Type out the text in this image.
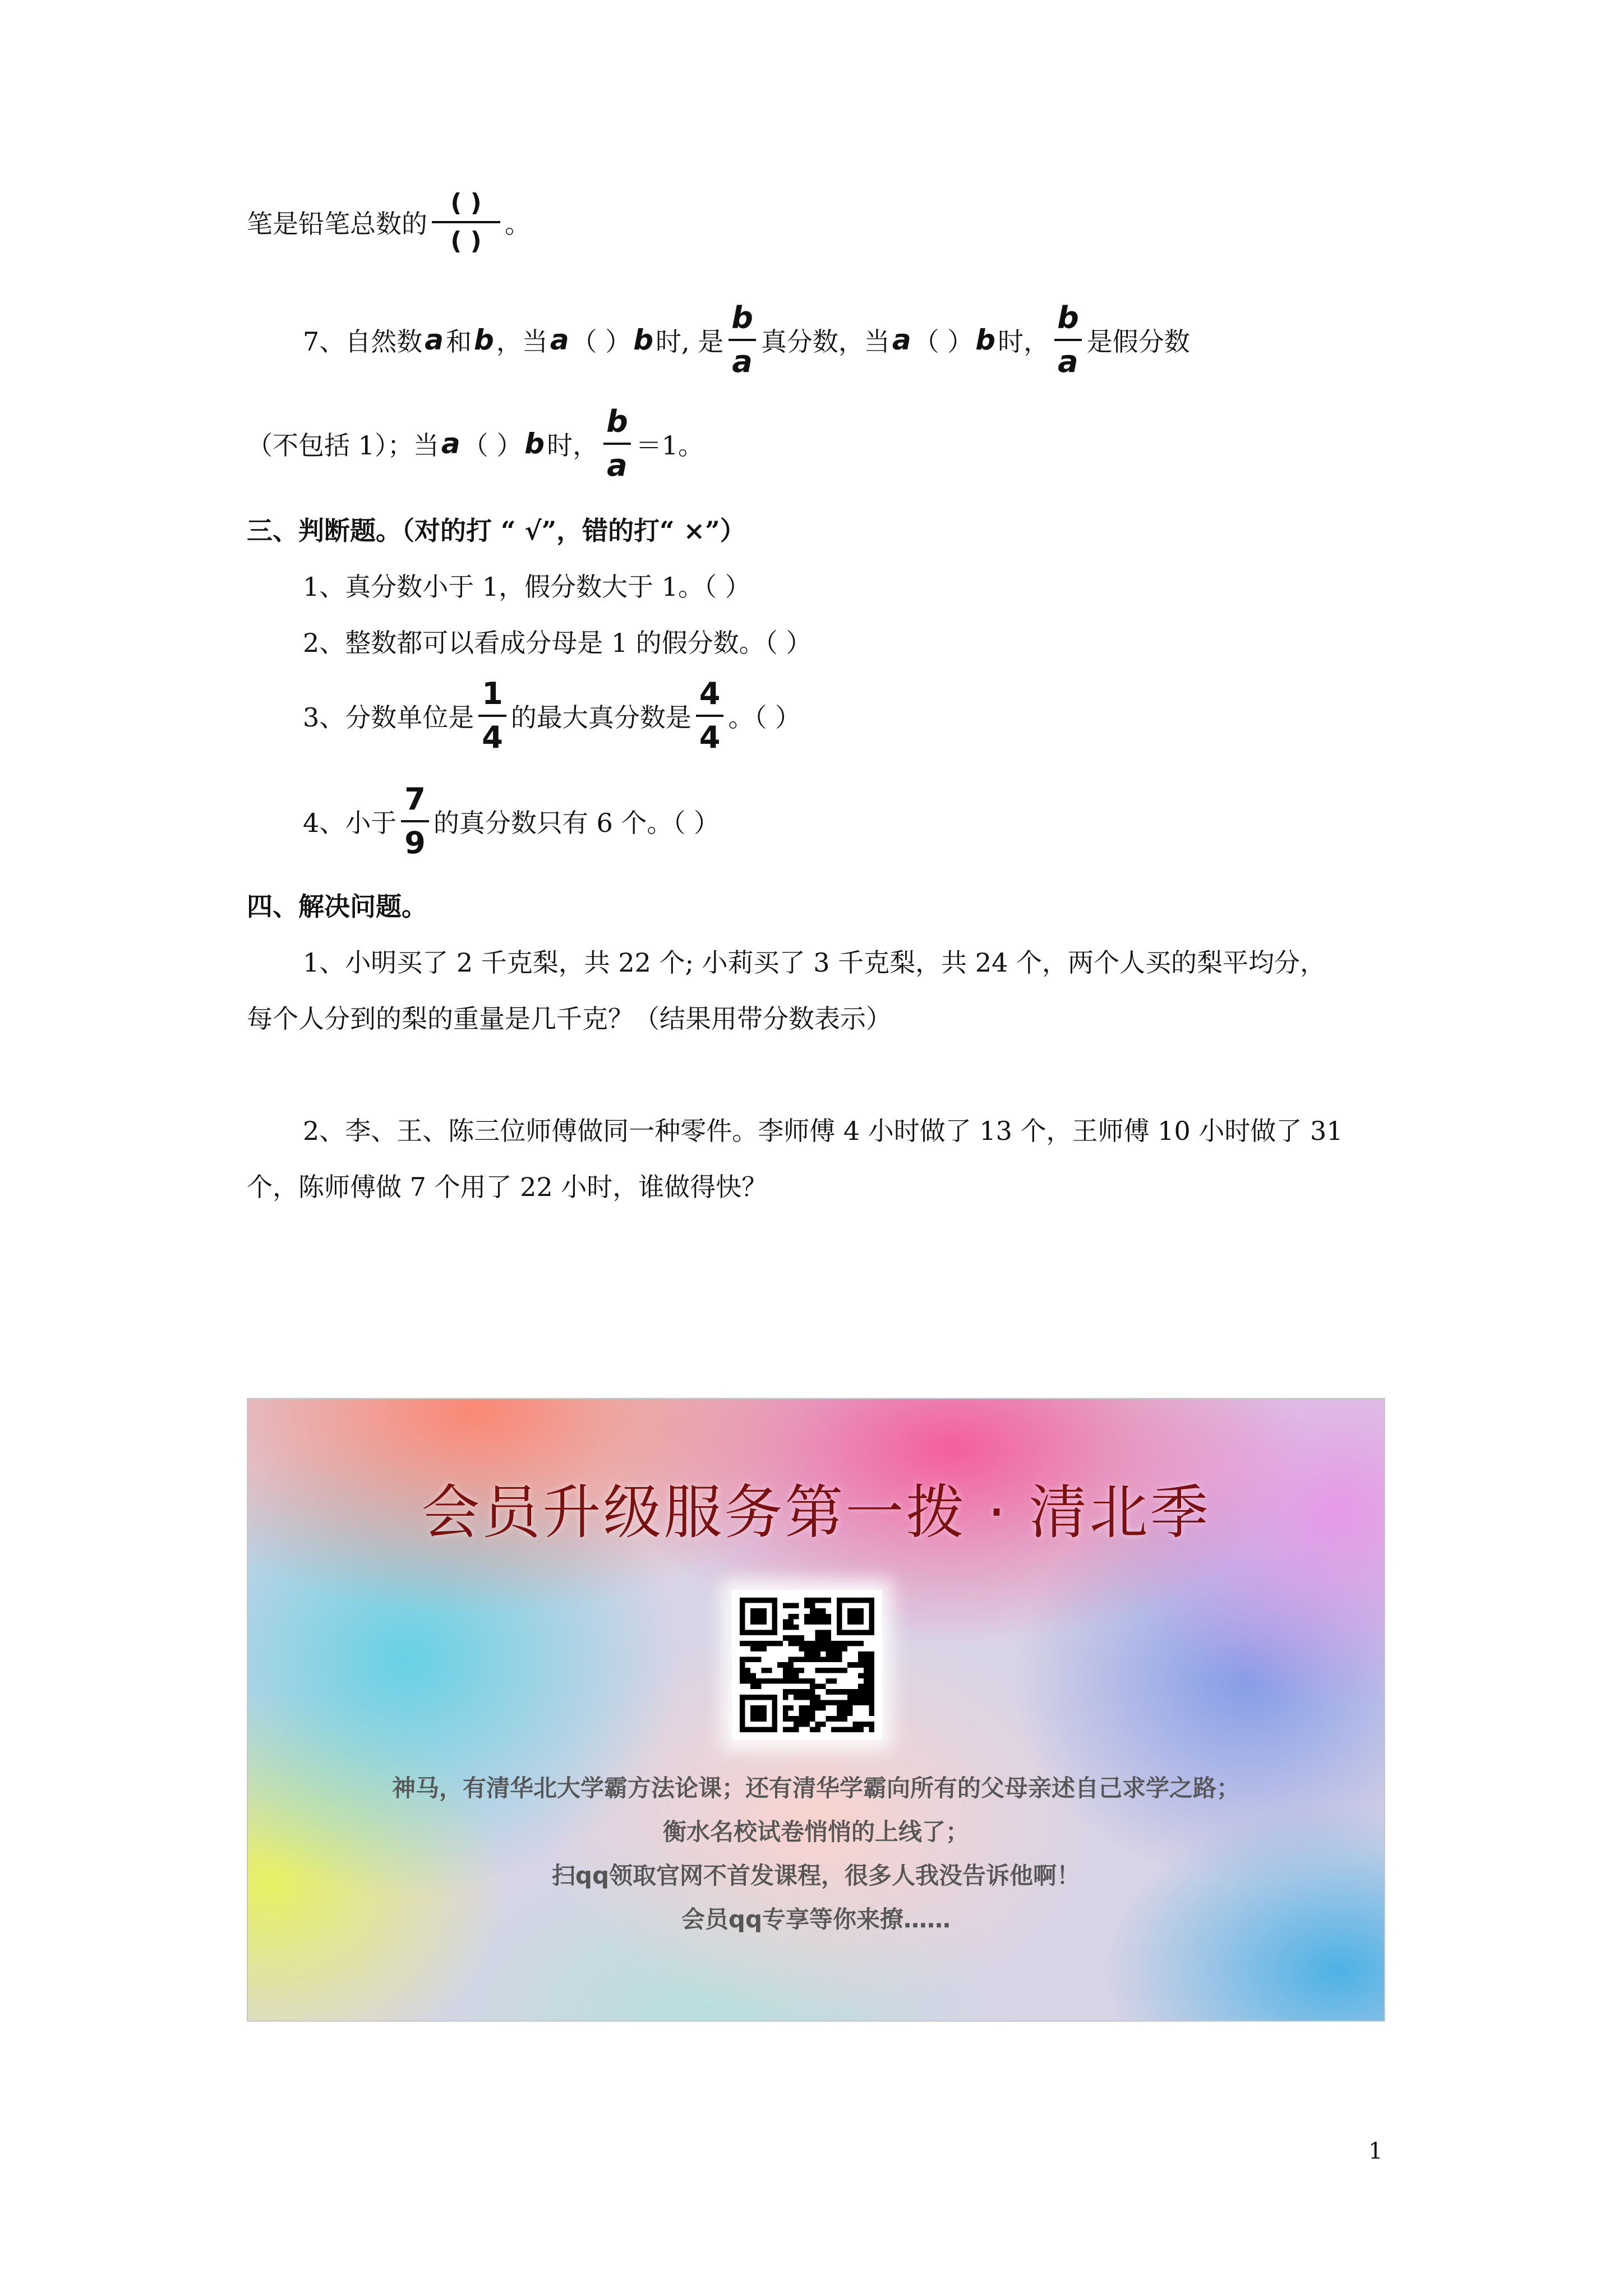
笔是铅笔总数的 $\frac{( )}{( )}$ 。
7、自然数 a 和 b ，当 a （ ） b 时, 是 $\frac{b}{a}$ 真分数，当 a （ ） b 时， $\frac{b}{a}$ 是假分数
（不包括 1）；当 a （ ） b 时， $\frac{b}{a} =1$。
三、判断题。（对的打 “ √”，错的打“ ×”）
1、真分数小于 1，假分数大于 1。（ ）
2、整数都可以看成分母是 1 的假分数。（ ）
3、分数单位是 $\frac{1}{4}$ 的最大真分数是 $\frac{4}{4}$ 。（ ）
4、小于 $\frac{7}{9}$ 的真分数只有 6 个。（ ）
四、解决问题。
1、小明买了 2 千克梨，共 22 个; 小莉买了 3 千克梨，共 24 个，两个人买的梨平均分，
每个人分到的梨的重量是几千克？（结果用带分数表示）
2、李、王、陈三位师傅做同一种零件。李师傅 4 小时做了 13 个，王师傅 10 小时做了 31
个，陈师傅做 7 个用了 22 小时，谁做得快？
会员升级服务第一拨 · 清北季
神马，有清华北大学霸方法论课；还有清华学霸向所有的父母亲述自己求学之路；
衡水名校试卷悄悄的上线了；
扫qq领取官网不首发课程，很多人我没告诉他啊！
会员qq专享等你来撩……
1
